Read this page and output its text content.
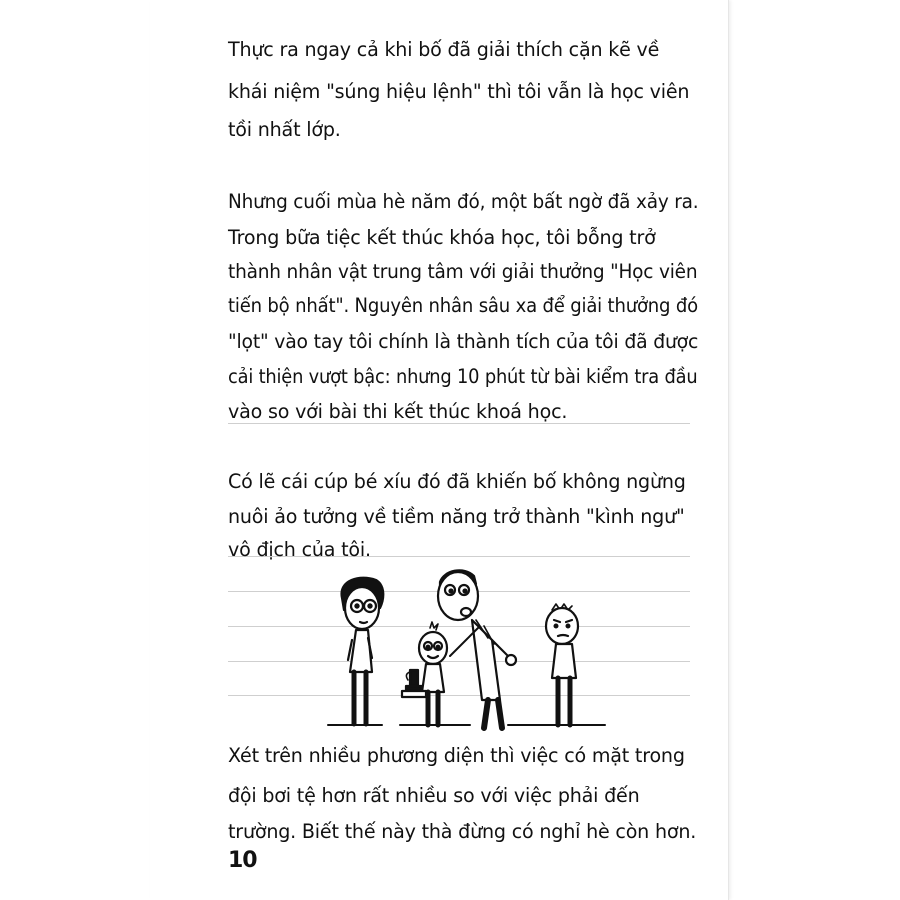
Thực ra ngay cả khi bố đã giải thích cặn kẽ về
khái niệm "súng hiệu lệnh" thì tôi vẫn là học viên
tồi nhất lớp.
Nhưng cuối mùa hè năm đó, một bất ngờ đã xảy ra.
Trong bữa tiệc kết thúc khóa học, tôi bỗng trở
thành nhân vật trung tâm với giải thưởng "Học viên
tiến bộ nhất". Nguyên nhân sâu xa để giải thưởng đó
"lọt" vào tay tôi chính là thành tích của tôi đã được
cải thiện vượt bậc: nhưng 10 phút từ bài kiểm tra đầu
vào so với bài thi kết thúc khoá học.
Có lẽ cái cúp bé xíu đó đã khiến bố không ngừng
nuôi ảo tưởng về tiềm năng trở thành "kình ngư"
vô địch của tôi.
Xét trên nhiều phương diện thì việc có mặt trong
đội bơi tệ hơn rất nhiều so với việc phải đến
trường. Biết thế này thà đừng có nghỉ hè còn hơn.
10
